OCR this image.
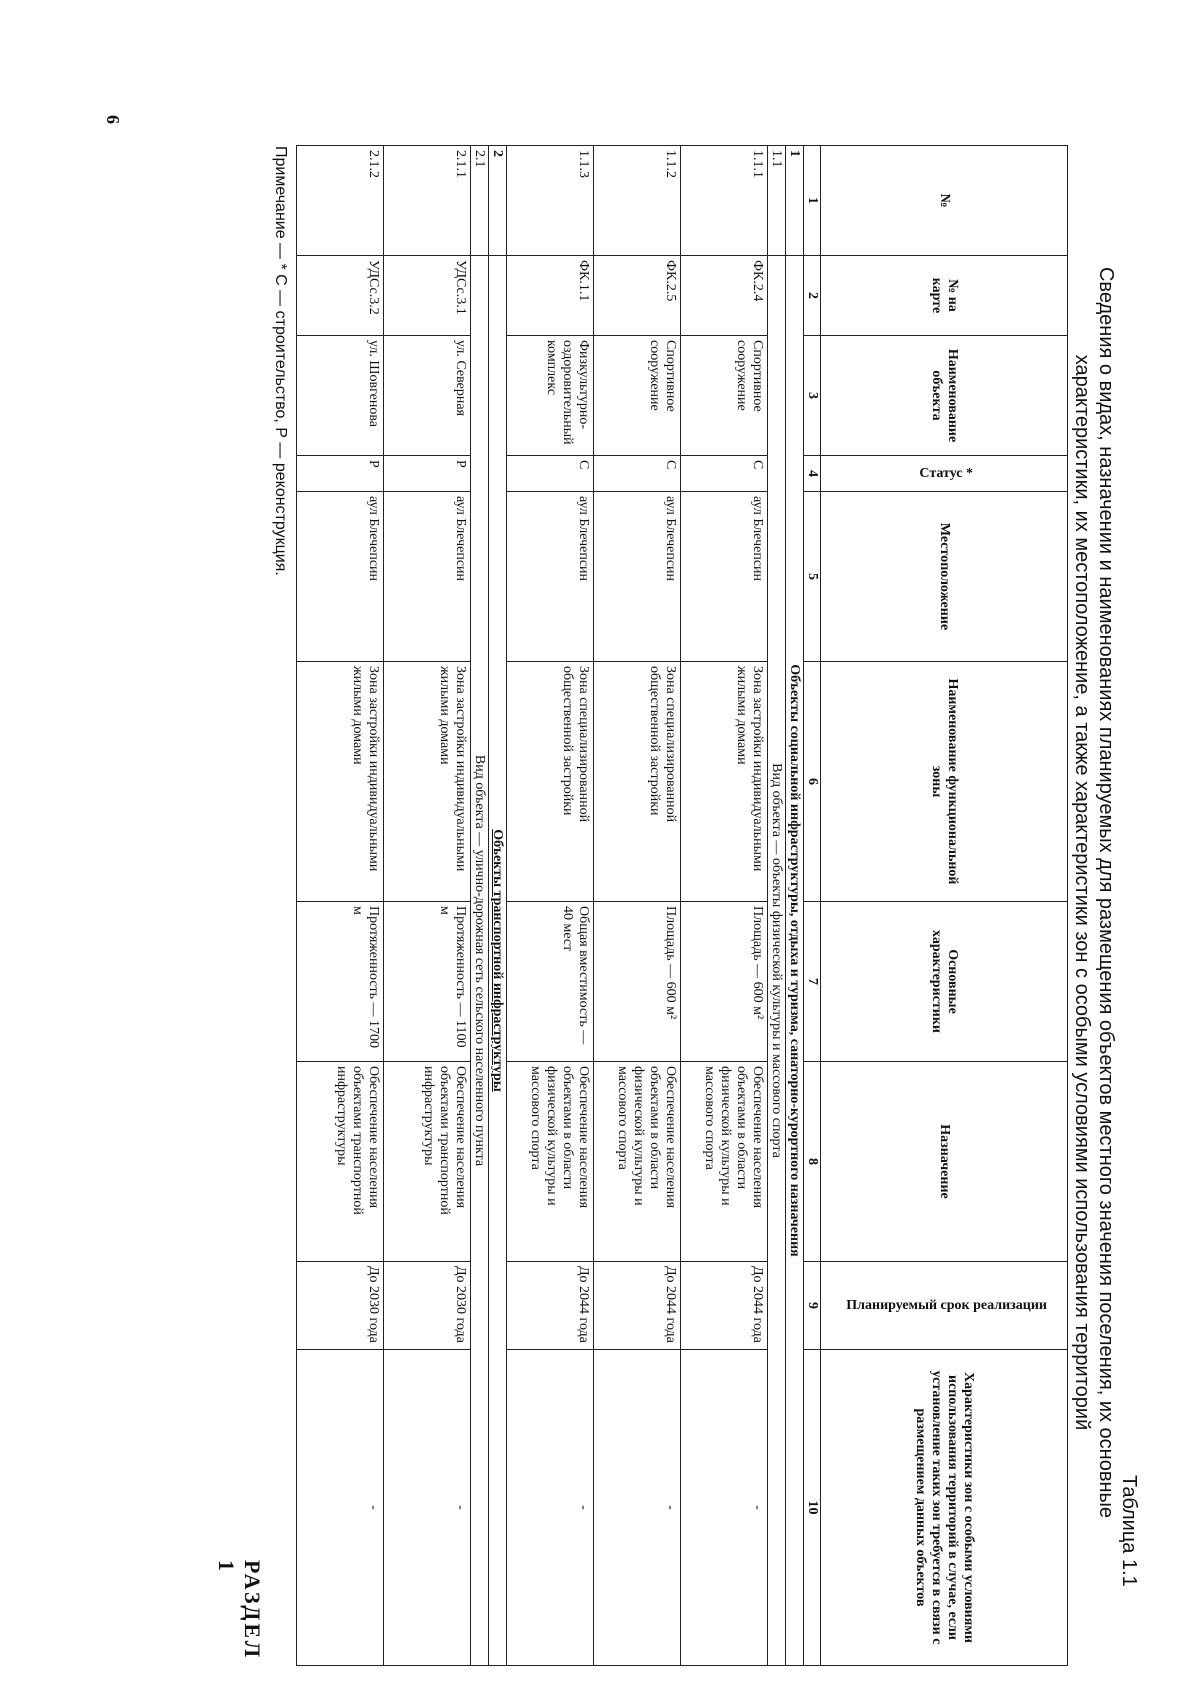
6
Таблица 1.1
Сведения о видах, назначении и наименованиях планируемых для размещения объектов местного значения поселения, их основные
характеристики, их местоположение, а также характеристики зон с особыми условиями использования территорий
№	№ на карте	Наименование объекта	Статус *	Местоположение	Наименование функциональной зоны	Основные характеристики	Назначение	Планируемый срок реализации	Характеристики зон с особыми условиями использования территорий в случае, если установление таких зон требуется в связи с размещением данных объектов
1	2	3	4	5	6	7	8	9	10
1	Объекты социальной инфраструктуры, отдыха и туризма, санаторно-курортного назначения								
1.1	Вид объекта — объекты физической культуры и массового спорта								
1.1.1	ФК.2.4	Спортивное сооружение	С	аул Блечепсин	Зона застройки индивидуальными жилыми домами	Площадь — 600 м²	Обеспечение населения объектами в области физической культуры и массового спорта	До 2044 года	-
1.1.2	ФК.2.5	Спортивное сооружение	С	аул Блечепсин	Зона специализированной общественной застройки	Площадь — 600 м²	Обеспечение населения объектами в области физической культуры и массового спорта	До 2044 года	-
1.1.3	ФК.1.1	Физкультурно-оздоровительный комплекс	С	аул Блечепсин	Зона специализированной общественной застройки	Общая вместимость — 40 мест	Обеспечение населения объектами в области физической культуры и массового спорта	До 2044 года	-
2	Объекты транспортной инфраструктуры								
2.1	Вид объекта — улично-дорожная сеть сельского населенного пункта								
2.1.1	УДСс.3.1	ул. Северная	Р	аул Блечепсин	Зона застройки индивидуальными жилыми домами	Протяженность — 1100 м	Обеспечение населения объектами транспортной инфраструктуры	До 2030 года	-
2.1.2	УДСс.3.2	ул. Шовгенова	Р	аул Блечепсин	Зона застройки индивидуальными жилыми домами	Протяженность — 1700 м	Обеспечение населения объектами транспортной инфраструктуры	До 2030 года	-
Примечание — * С — строительство, Р — реконструкция.
РАЗДЕЛ 1
